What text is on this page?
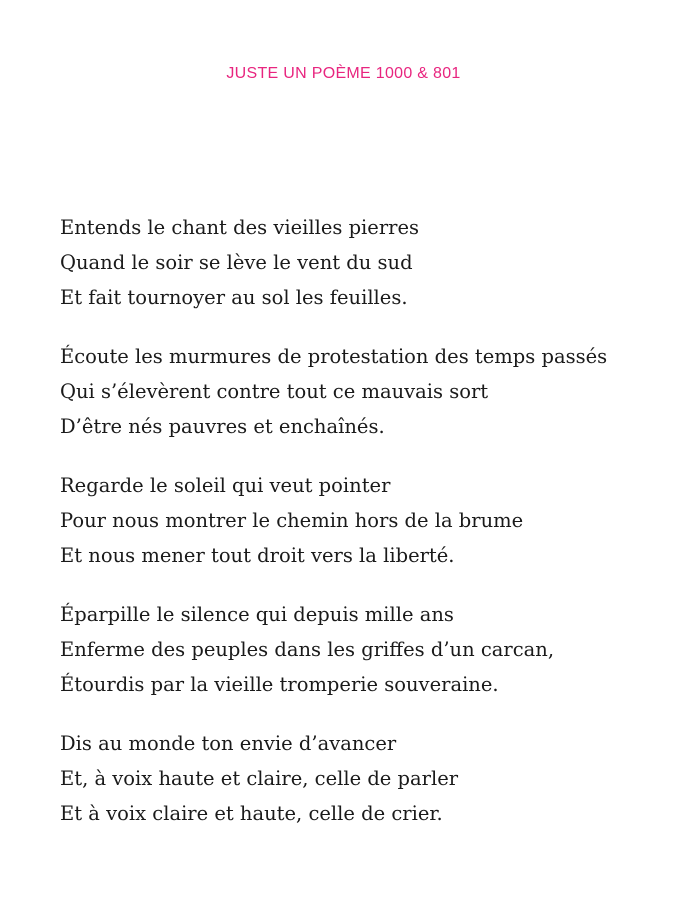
JUSTE UN POÈME 1000 & 801
Entends le chant des vieilles pierres
Quand le soir se lève le vent du sud
Et fait tournoyer au sol les feuilles.
Écoute les murmures de protestation des temps passés
Qui s’élevèrent contre tout ce mauvais sort
D’être nés pauvres et enchaînés.
Regarde le soleil qui veut pointer
Pour nous montrer le chemin hors de la brume
Et nous mener tout droit vers la liberté.
Éparpille le silence qui depuis mille ans
Enferme des peuples dans les griffes d’un carcan,
Étourdis par la vieille tromperie souveraine.
Dis au monde ton envie d’avancer
Et, à voix haute et claire, celle de parler
Et à voix claire et haute, celle de crier.
